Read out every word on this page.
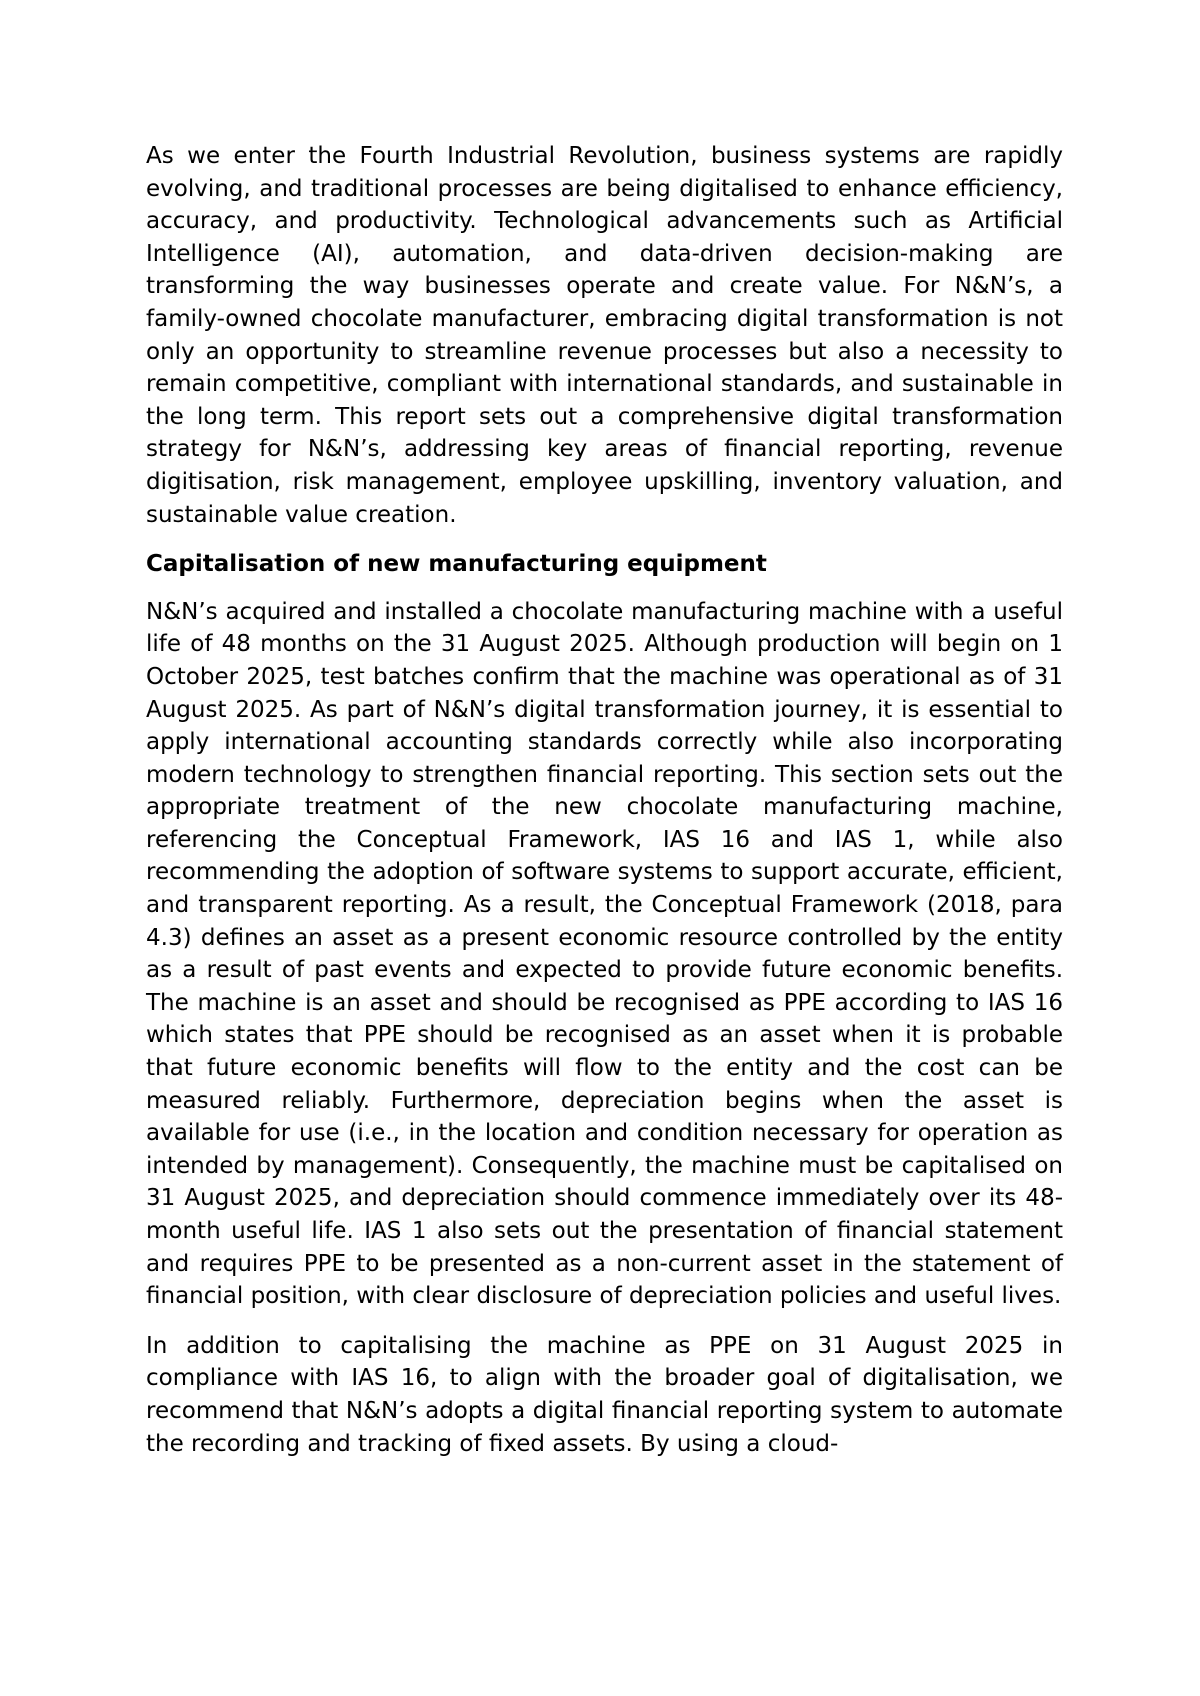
As we enter the Fourth Industrial Revolution, business systems are rapidly evolving, and traditional processes are being digitalised to enhance efficiency, accuracy, and productivity. Technological advancements such as Artificial Intelligence (AI), automation, and data-driven decision-making are transforming the way businesses operate and create value. For N&N’s, a family-owned chocolate manufacturer, embracing digital transformation is not only an opportunity to streamline revenue processes but also a necessity to remain competitive, compliant with international standards, and sustainable in the long term. This report sets out a comprehensive digital transformation strategy for N&N’s, addressing key areas of financial reporting, revenue digitisation, risk management, employee upskilling, inventory valuation, and sustainable value creation.

Capitalisation of new manufacturing equipment

N&N’s acquired and installed a chocolate manufacturing machine with a useful life of 48 months on the 31 August 2025. Although production will begin on 1 October 2025, test batches confirm that the machine was operational as of 31 August 2025. As part of N&N’s digital transformation journey, it is essential to apply international accounting standards correctly while also incorporating modern technology to strengthen financial reporting. This section sets out the appropriate treatment of the new chocolate manufacturing machine, referencing the Conceptual Framework, IAS 16 and IAS 1, while also recommending the adoption of software systems to support accurate, efficient, and transparent reporting. As a result, the Conceptual Framework (2018, para 4.3) defines an asset as a present economic resource controlled by the entity as a result of past events and expected to provide future economic benefits. The machine is an asset and should be recognised as PPE according to IAS 16 which states that PPE should be recognised as an asset when it is probable that future economic benefits will flow to the entity and the cost can be measured reliably. Furthermore, depreciation begins when the asset is available for use (i.e., in the location and condition necessary for operation as intended by management). Consequently, the machine must be capitalised on 31 August 2025, and depreciation should commence immediately over its 48-month useful life. IAS 1 also sets out the presentation of financial statement and requires PPE to be presented as a non-current asset in the statement of financial position, with clear disclosure of depreciation policies and useful lives.

In addition to capitalising the machine as PPE on 31 August 2025 in compliance with IAS 16, to align with the broader goal of digitalisation, we recommend that N&N’s adopts a digital financial reporting system to automate the recording and tracking of fixed assets. By using a cloud-
